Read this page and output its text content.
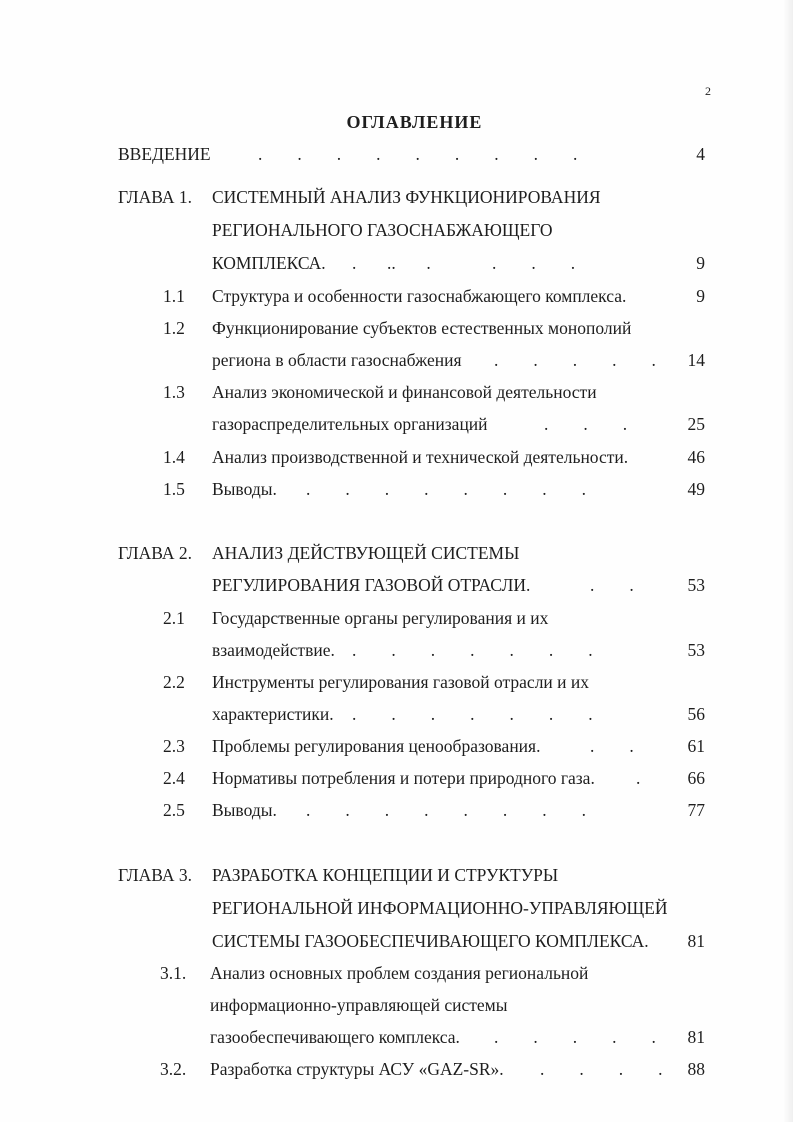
2
ОГЛАВЛЕНИЕ
ВВЕДЕНИЕ	.        .        .        .        .        .        .        .        .	4
ГЛАВА 1. СИСТЕМНЫЙ АНАЛИЗ ФУНКЦИОНИРОВАНИЯ
РЕГИОНАЛЬНОГО ГАЗОСНАБЖАЮЩЕГО
КОМПЛЕКСА. .       ..       .              .        .        .	9
1.1 Структура и особенности газоснабжающего комплекса.	9
1.2 Функционирование субъектов естественных монополий
региона в области газоснабжения .        .        .        .        .	14
1.3 Анализ экономической и финансовой деятельности
газораспределительных организаций	.        .        .	25
1.4 Анализ производственной и технической деятельности.	46
1.5 Выводы. .        .        .        .        .        .        .        .	49
ГЛАВА 2. АНАЛИЗ ДЕЙСТВУЮЩЕЙ СИСТЕМЫ
РЕГУЛИРОВАНИЯ ГАЗОВОЙ ОТРАСЛИ.	.        .	53
2.1 Государственные органы регулирования и их
взаимодействие. .        .        .        .        .        .        .	53
2.2 Инструменты регулирования газовой отрасли и их
характеристики. .        .        .        .        .        .        .	56
2.3 Проблемы регулирования ценообразования.	.        .	61
2.4 Нормативы потребления и потери природного газа. .	66
2.5 Выводы. .        .        .        .        .        .        .        .	77
ГЛАВА 3. РАЗРАБОТКА КОНЦЕПЦИИ И СТРУКТУРЫ
РЕГИОНАЛЬНОЙ ИНФОРМАЦИОННО-УПРАВЛЯЮЩЕЙ
СИСТЕМЫ ГАЗООБЕСПЕЧИВАЮЩЕГО КОМПЛЕКСА.	81
3.1. Анализ основных проблем создания региональной
информационно-управляющей системы
газообеспечивающего комплекса. .        .        .        .        .	81
3.2. Разработка структуры АСУ «GAZ-SR». .        .        .        .	88
